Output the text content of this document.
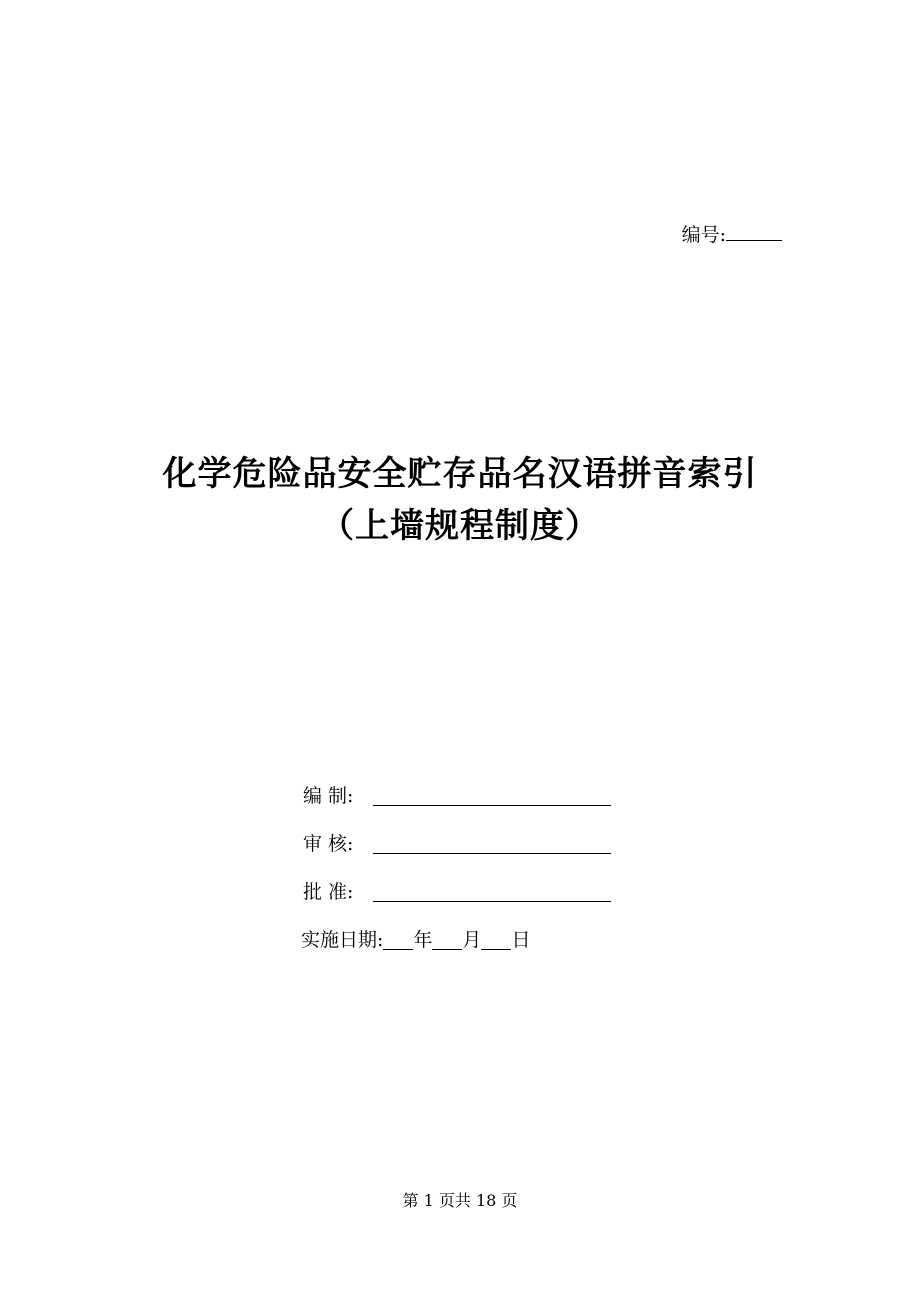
编号:
化学危险品安全贮存品名汉语拼音索引
（上墙规程制度）
编 制:
审 核:
批 准:
实施日期: 年 月 日
第 1 页共 18 页
